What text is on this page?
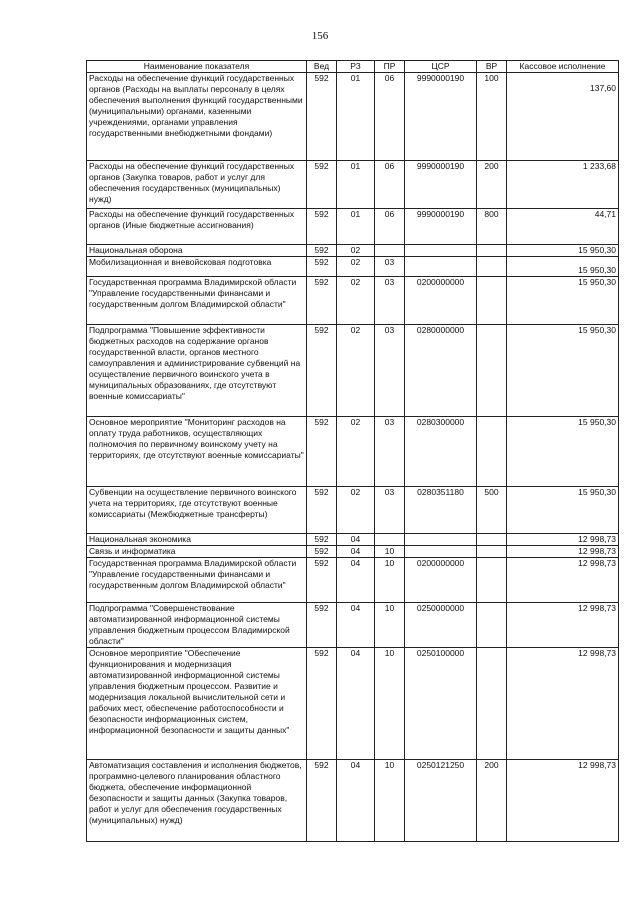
156
Наименование показателя	Вед	РЗ	ПР	ЦСР	ВР	Кассовое исполнение
Расходы на обеспечение функций государственных органов (Расходы на выплаты персоналу в целях обеспечения выполнения функций государственными (муниципальными) органами, казенными учреждениями, органами управления государственными внебюджетными фондами)	592	01	06	9990000190	100	137,60
Расходы на обеспечение функций государственных органов (Закупка товаров, работ и услуг для обеспечения государственных (муниципальных) нужд)	592	01	06	9990000190	200	1 233,68
Расходы на обеспечение функций государственных органов (Иные бюджетные ассигнования)	592	01	06	9990000190	800	44,71
Национальная оборона	592	02				15 950,30
Мобилизационная и вневойсковая подготовка	592	02	03			15 950,30
Государственная программа Владимирской области "Управление государственными финансами и государственным долгом Владимирской области"	592	02	03	0200000000		15 950,30
Подпрограмма "Повышение эффективности бюджетных расходов на содержание органов государственной власти, органов местного самоуправления и администрирование субвенций на осуществление первичного воинского учета в муниципальных образованиях, где отсутствуют военные комиссариаты"	592	02	03	0280000000		15 950,30
Основное мероприятие "Мониторинг расходов на оплату труда работников, осуществляющих полномочия по первичному воинскому учету на территориях, где отсутствуют военные комиссариаты"	592	02	03	0280300000		15 950,30
Субвенции на осуществление первичного воинского учета на территориях, где отсутствуют военные комиссариаты (Межбюджетные трансферты)	592	02	03	0280351180	500	15 950,30
Национальная экономика	592	04				12 998,73
Связь и информатика	592	04	10			12 998,73
Государственная программа Владимирской области "Управление государственными финансами и государственным долгом Владимирской области"	592	04	10	0200000000		12 998,73
Подпрограмма "Совершенствование автоматизированной информационной системы управления бюджетным процессом Владимирской области"	592	04	10	0250000000		12 998,73
Основное мероприятие "Обеспечение функционирования и модернизация автоматизированной информационной системы управления бюджетным процессом. Развитие и модернизация локальной вычислительной сети и рабочих мест, обеспечение работоспособности и безопасности информационных систем, информационной безопасности и защиты данных"	592	04	10	0250100000		12 998,73
Автоматизация составления и исполнения бюджетов, программно-целевого планирования областного бюджета, обеспечение информационной безопасности и защиты данных (Закупка товаров, работ и услуг для обеспечения государственных (муниципальных) нужд)	592	04	10	0250121250	200	12 998,73
